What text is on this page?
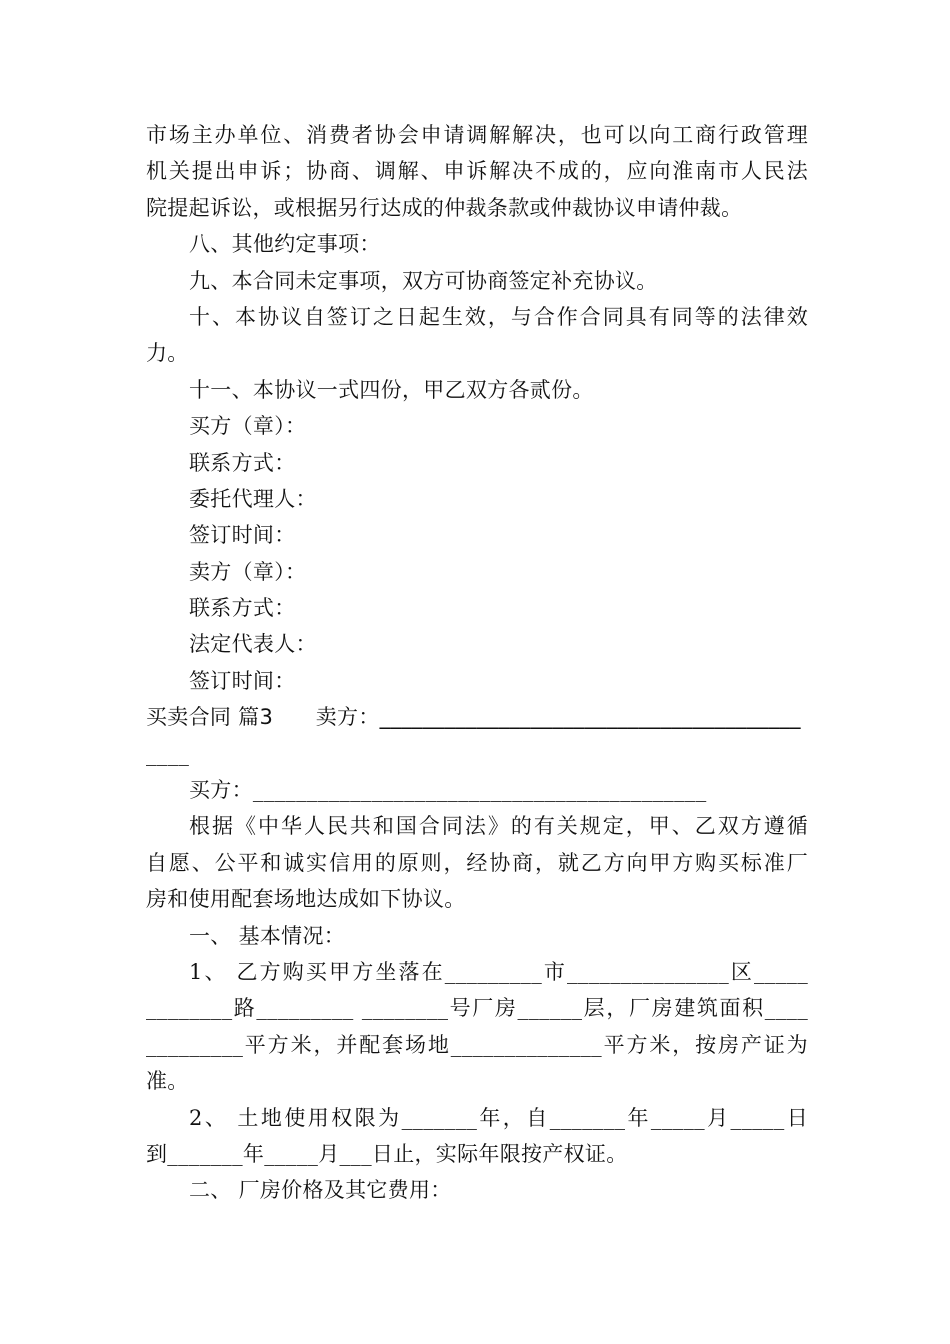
市场主办单位、消费者协会申请调解解决，也可以向工商行政管理
机关提出申诉；协商、调解、申诉解决不成的，应向淮南市人民法
院提起诉讼，或根据另行达成的仲裁条款或仲裁协议申请仲裁。
八、其他约定事项：
九、本合同未定事项，双方可协商签定补充协议。
十、本协议自签订之日起生效，与合作合同具有同等的法律效
力。
十一、本协议一式四份，甲乙双方各贰份。
买方（章）：
联系方式：
委托代理人：
签订时间：
卖方（章）：
联系方式：
法定代表人：
签订时间：
买卖合同 篇3　　卖方：_______________________________________
____
买方：__________________________________________
根据《中华人民共和国合同法》的有关规定，甲、乙双方遵循
自愿、公平和诚实信用的原则，经协商，就乙方向甲方购买标准厂
房和使用配套场地达成如下协议。
一、 基本情况：
1、 乙方购买甲方坐落在_________市_______________区_____
________路_________ ________号厂房______层，厂房建筑面积____
_________平方米，并配套场地______________平方米，按房产证为
准。
2、 土地使用权限为_______年，自_______年_____月_____日
到_______年_____月___日止，实际年限按产权证。
二、 厂房价格及其它费用：
